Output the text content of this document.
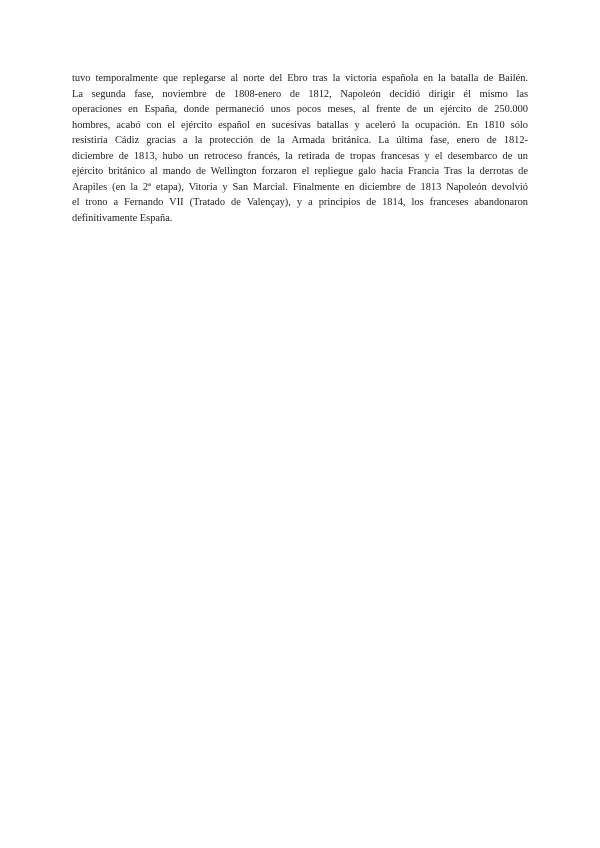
tuvo temporalmente que replegarse al norte del Ebro tras la victoria española en la batalla de Bailén.
La segunda fase, noviembre de 1808-enero de 1812, Napoleón decidió dirigir él mismo las
operaciones en España, donde permaneció unos pocos meses, al frente de un ejército de 250.000
hombres, acabó con el ejército español en sucesivas batallas y aceleró la ocupación. En 1810 sólo
resistiría Cádiz gracias a la protección de la Armada británica. La última fase, enero de 1812-
diciembre de 1813, hubo un retroceso francés, la retirada de tropas francesas y el desembarco de un
ejército británico al mando de Wellington forzaron el repliegue galo hacia Francia Tras la derrotas de
Arapiles (en la 2ª etapa), Vitoria y San Marcial. Finalmente en diciembre de 1813 Napoleón devolvió
el trono a Fernando VII (Tratado de Valençay), y a principios de 1814, los franceses abandonaron
definitivamente España.
